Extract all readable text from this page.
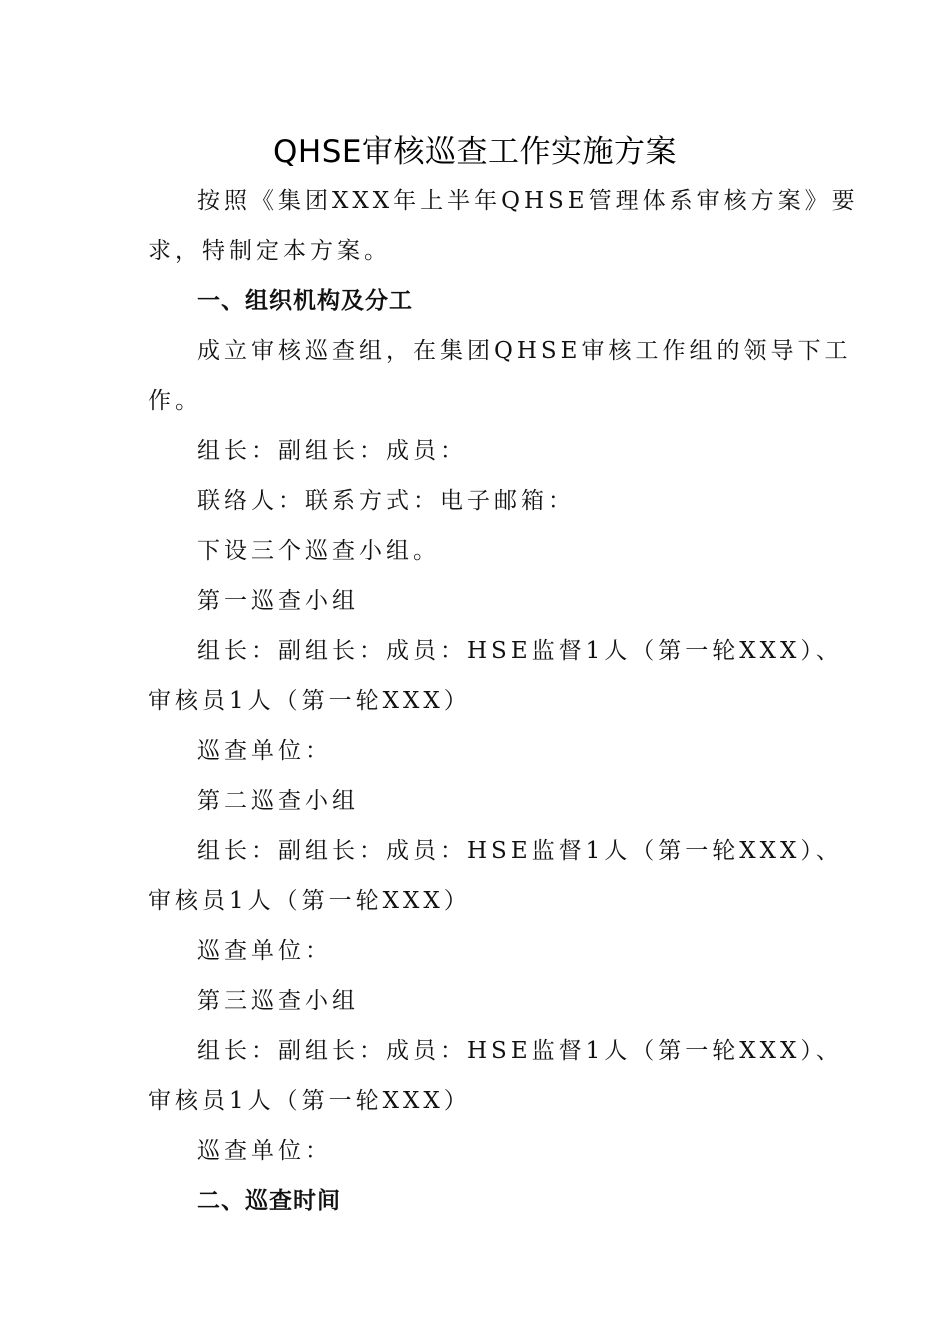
QHSE审核巡查工作实施方案
按照《集团XXX年上半年QHSE管理体系审核方案》要
求，特制定本方案。
一、组织机构及分工
成立审核巡查组，在集团QHSE审核工作组的领导下工
作。
组长：副组长：成员：
联络人：联系方式：电子邮箱：
下设三个巡查小组。
第一巡查小组
组长：副组长：成员：HSE监督1人（第一轮XXX）、
审核员1人（第一轮XXX）
巡查单位：
第二巡查小组
组长：副组长：成员：HSE监督1人（第一轮XXX）、
审核员1人（第一轮XXX）
巡查单位：
第三巡查小组
组长：副组长：成员：HSE监督1人（第一轮XXX）、
审核员1人（第一轮XXX）
巡查单位：
二、巡查时间
